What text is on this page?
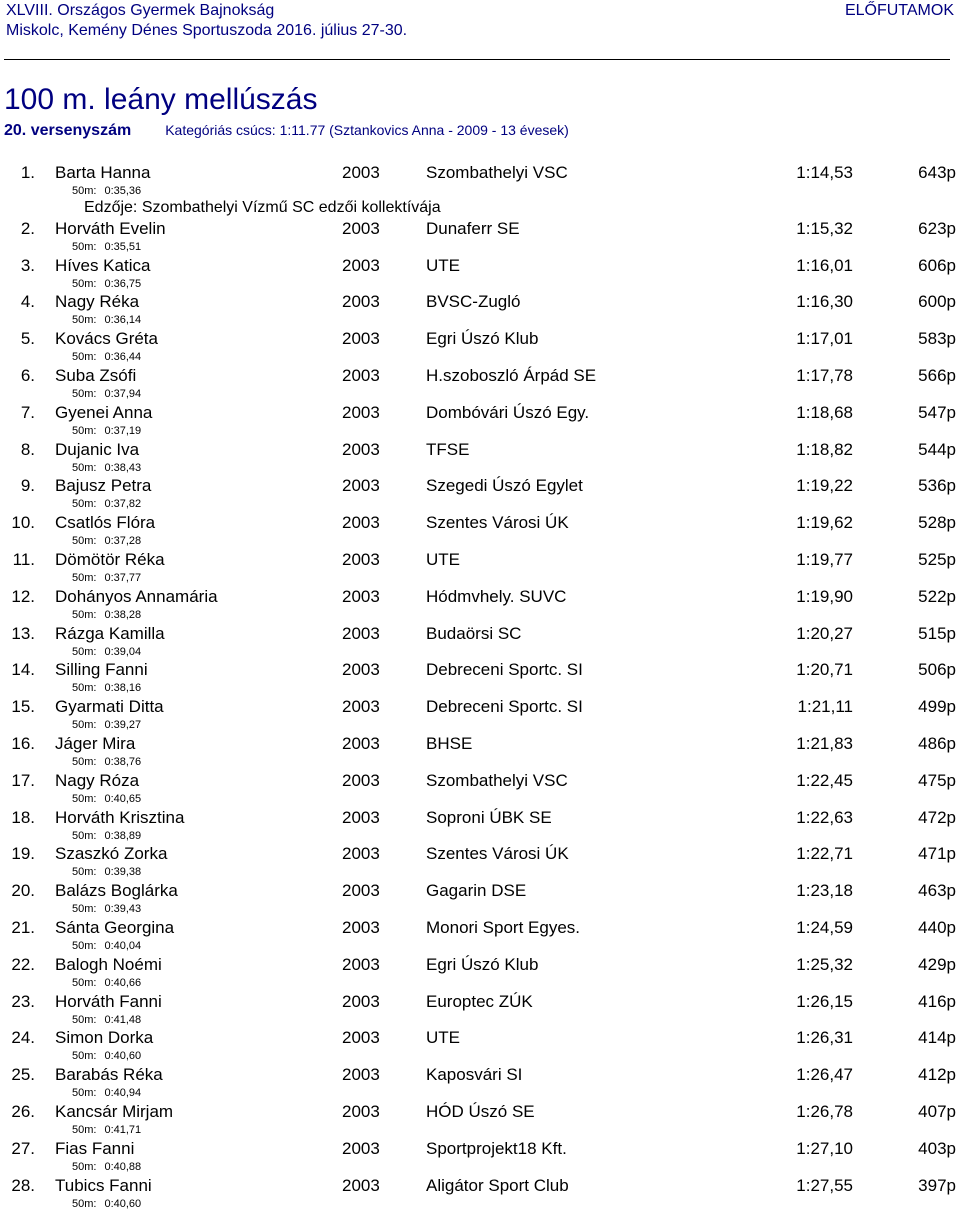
XLVIII. Országos Gyermek Bajnokság	ELŐFUTAMOK
Miskolc, Kemény Dénes Sportuszoda 2016. július 27-30.
100 m. leány mellúszás
20. versenyszám Kategóriás csúcs: 1:11.77 (Sztankovics Anna - 2009 - 13 évesek)
1. Barta Hanna	2003	Szombathelyi VSC	1:14,53	643p
50m: 0:35,36
Edzője: Szombathelyi Vízmű SC edzői kollektívája
2. Horváth Evelin	2003	Dunaferr SE	1:15,32	623p
50m: 0:35,51
3. Híves Katica	2003	UTE	1:16,01	606p
50m: 0:36,75
4. Nagy Réka	2003	BVSC-Zugló	1:16,30	600p
50m: 0:36,14
5. Kovács Gréta	2003	Egri Úszó Klub	1:17,01	583p
50m: 0:36,44
6. Suba Zsófi	2003	H.szoboszló Árpád SE	1:17,78	566p
50m: 0:37,94
7. Gyenei Anna	2003	Dombóvári Úszó Egy.	1:18,68	547p
50m: 0:37,19
8. Dujanic Iva	2003	TFSE	1:18,82	544p
50m: 0:38,43
9. Bajusz Petra	2003	Szegedi Úszó Egylet	1:19,22	536p
50m: 0:37,82
10. Csatlós Flóra	2003	Szentes Városi ÚK	1:19,62	528p
50m: 0:37,28
11. Dömötör Réka	2003	UTE	1:19,77	525p
50m: 0:37,77
12. Dohányos Annamária	2003	Hódmvhely. SUVC	1:19,90	522p
50m: 0:38,28
13. Rázga Kamilla	2003	Budaörsi SC	1:20,27	515p
50m: 0:39,04
14. Silling Fanni	2003	Debreceni Sportc. SI	1:20,71	506p
50m: 0:38,16
15. Gyarmati Ditta	2003	Debreceni Sportc. SI	1:21,11	499p
50m: 0:39,27
16. Jáger Mira	2003	BHSE	1:21,83	486p
50m: 0:38,76
17. Nagy Róza	2003	Szombathelyi VSC	1:22,45	475p
50m: 0:40,65
18. Horváth Krisztina	2003	Soproni ÚBK SE	1:22,63	472p
50m: 0:38,89
19. Szaszkó Zorka	2003	Szentes Városi ÚK	1:22,71	471p
50m: 0:39,38
20. Balázs Boglárka	2003	Gagarin DSE	1:23,18	463p
50m: 0:39,43
21. Sánta Georgina	2003	Monori Sport Egyes.	1:24,59	440p
50m: 0:40,04
22. Balogh Noémi	2003	Egri Úszó Klub	1:25,32	429p
50m: 0:40,66
23. Horváth Fanni	2003	Europtec ZÚK	1:26,15	416p
50m: 0:41,48
24. Simon Dorka	2003	UTE	1:26,31	414p
50m: 0:40,60
25. Barabás Réka	2003	Kaposvári SI	1:26,47	412p
50m: 0:40,94
26. Kancsár Mirjam	2003	HÓD Úszó SE	1:26,78	407p
50m: 0:41,71
27. Fias Fanni	2003	Sportprojekt18 Kft.	1:27,10	403p
50m: 0:40,88
28. Tubics Fanni	2003	Aligátor Sport Club	1:27,55	397p
50m: 0:40,60
